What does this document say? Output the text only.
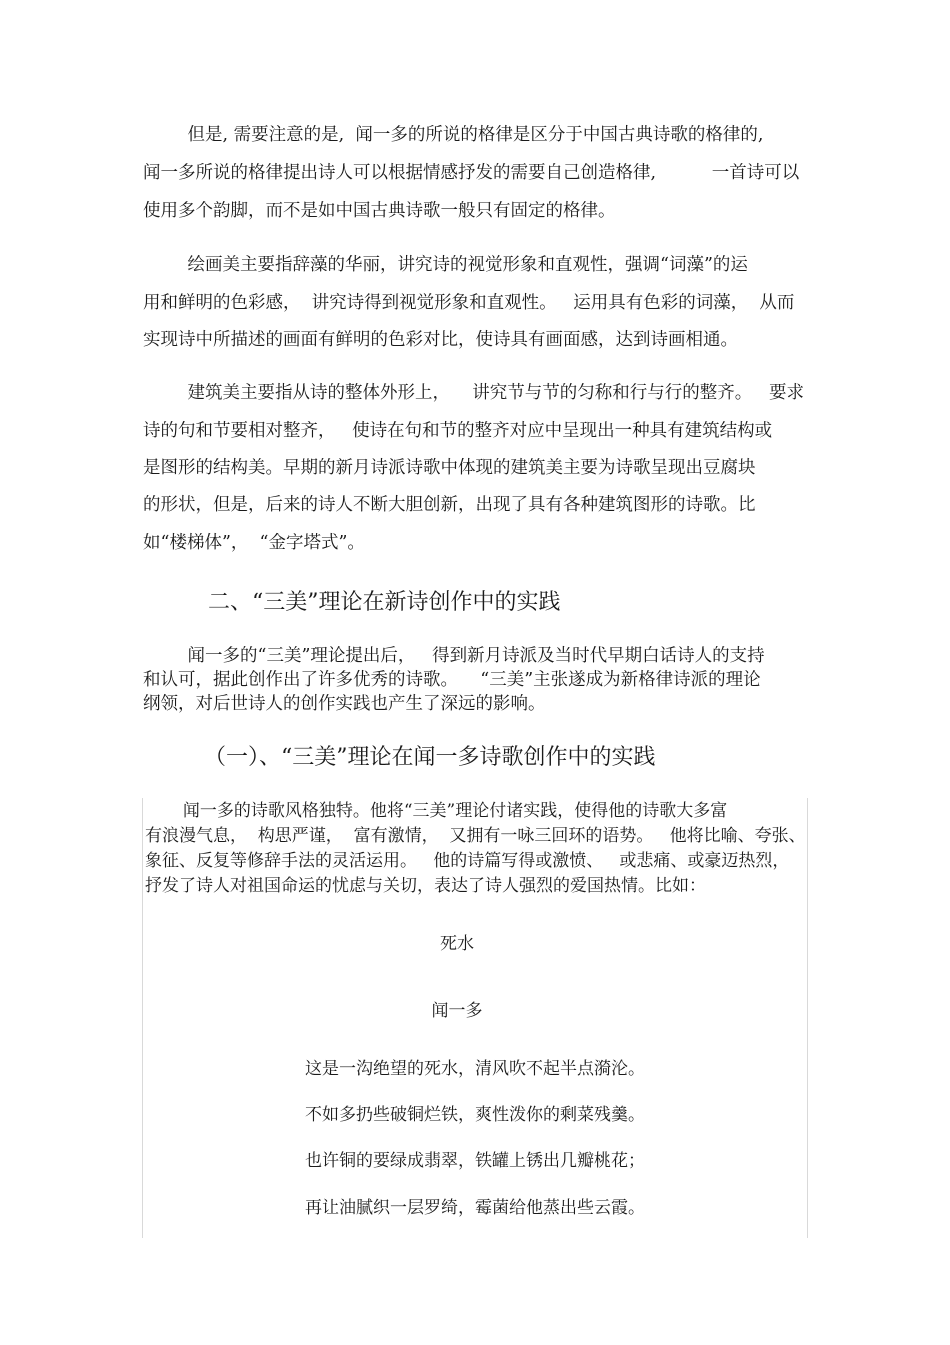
但是, 需要注意的是,  闻一多的所说的格律是区分于中国古典诗歌的格律的,
闻一多所说的格律提出诗人可以根据情感抒发的需要自己创造格律,          一首诗可以
使用多个韵脚，而不是如中国古典诗歌一般只有固定的格律。
绘画美主要指辞藻的华丽，讲究诗的视觉形象和直观性，强调“词藻”的运
用和鲜明的色彩感，  讲究诗得到视觉形象和直观性。   运用具有色彩的词藻，  从而
实现诗中所描述的画面有鲜明的色彩对比，使诗具有画面感，达到诗画相通。
建筑美主要指从诗的整体外形上，    讲究节与节的匀称和行与行的整齐。   要求
诗的句和节要相对整齐，   使诗在句和节的整齐对应中呈现出一种具有建筑结构或
是图形的结构美。早期的新月诗派诗歌中体现的建筑美主要为诗歌呈现出豆腐块
的形状，但是，后来的诗人不断大胆创新，出现了具有各种建筑图形的诗歌。比
如“楼梯体”，  “金字塔式”。
二、“三美”理论在新诗创作中的实践
闻一多的“三美”理论提出后，   得到新月诗派及当时代早期白话诗人的支持
和认可，据此创作出了许多优秀的诗歌。    “三美”主张遂成为新格律诗派的理论
纲领，对后世诗人的创作实践也产生了深远的影响。
（一）、“三美”理论在闻一多诗歌创作中的实践
闻一多的诗歌风格独特。他将“三美”理论付诸实践，使得他的诗歌大多富
有浪漫气息，  构思严谨，  富有激情，  又拥有一咏三回环的语势。   他将比喻、夸张、
象征、反复等修辞手法的灵活运用。   他的诗篇写得或激愤、   或悲痛、或豪迈热烈，
抒发了诗人对祖国命运的忧虑与关切，表达了诗人强烈的爱国热情。比如：
死水
闻一多
这是一沟绝望的死水，清风吹不起半点漪沦。
不如多扔些破铜烂铁，爽性泼你的剩菜残羹。
也许铜的要绿成翡翠，铁罐上锈出几瓣桃花；
再让油腻织一层罗绮，霉菌给他蒸出些云霞。
